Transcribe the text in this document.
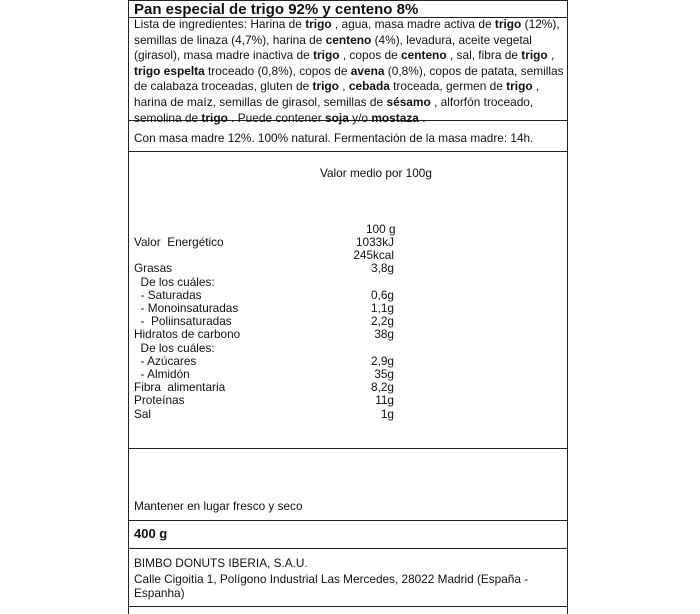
Pan especial de trigo 92% y centeno 8%
Lista de ingredientes: Harina de trigo , agua, masa madre activa de trigo (12%), semillas de linaza (4,7%), harina de centeno (4%), levadura, aceite vegetal (girasol), masa madre inactiva de trigo , copos de centeno , sal, fibra de trigo , trigo espelta troceado (0,8%), copos de avena (0,8%), copos de patata, semillas de calabaza troceadas, gluten de trigo , cebada troceada, germen de trigo , harina de maíz, semillas de girasol, semillas de sésamo , alforfón troceado, semolina de trigo . Puede contener soja y/o mostaza .
Con masa madre 12%. 100% natural. Fermentación de la masa madre: 14h.
Valor medio por 100g
100 g
Valor  Energético	1033kJ
245kcal
Grasas	3,8g
De los cuáles:
- Saturadas	0,6g
- Monoinsaturadas	1,1g
-  Poliinsaturadas	2,2g
Hidratos de carbono	38g
De los cuáles:
- Azúcares	2,9g
- Almidón	35g
Fibra  alimentaria	8,2g
Proteínas	11g
Sal	1g
Mantener en lugar fresco y seco
400 g
BIMBO DONUTS IBERIA, S.A.U.
Calle Cigoitia 1, Polígono Industrial Las Mercedes, 28022 Madrid (España - Espanha)
